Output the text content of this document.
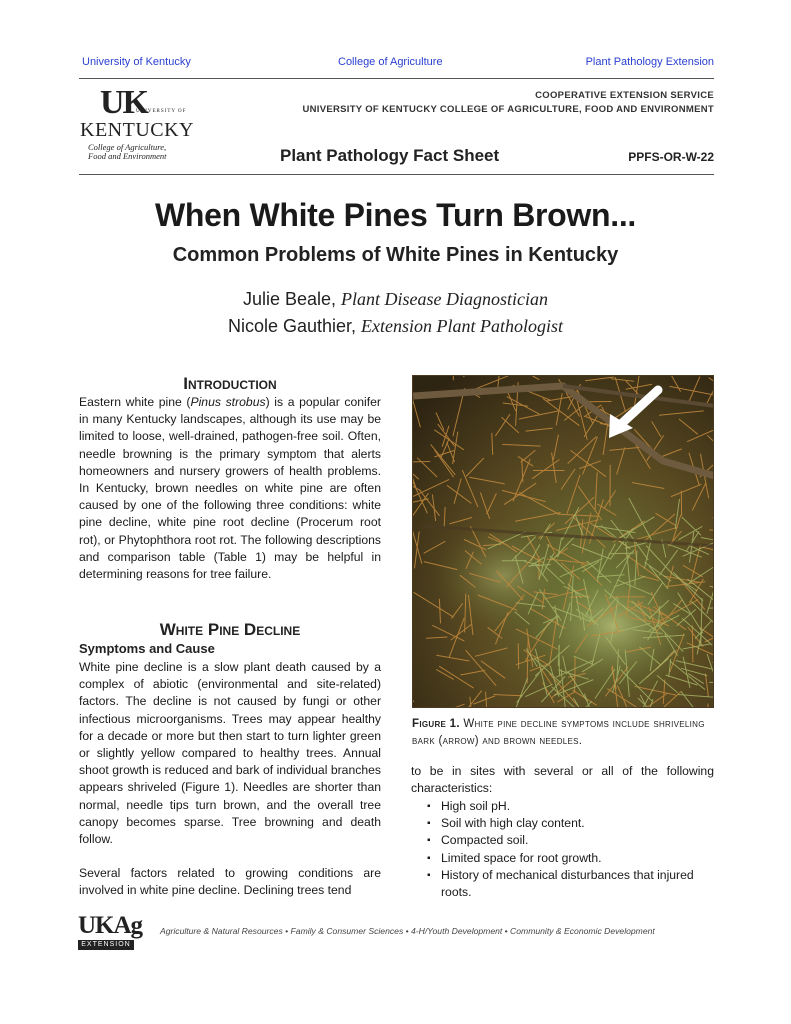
University of Kentucky	College of Agriculture	Plant Pathology Extension
UK
UNIVERSITY OF
KENTUCKY
College of Agriculture,
Food and Environment
COOPERATIVE EXTENSION SERVICE
UNIVERSITY OF KENTUCKY COLLEGE OF AGRICULTURE, FOOD AND ENVIRONMENT
Plant Pathology Fact Sheet	PPFS-OR-W-22
When White Pines Turn Brown...
Common Problems of White Pines in Kentucky
Julie Beale, Plant Disease Diagnostician
Nicole Gauthier, Extension Plant Pathologist
Introduction

Eastern white pine (Pinus strobus) is a popular conifer in many Kentucky landscapes, although its use may be limited to loose, well-drained, pathogen-free soil. Often, needle browning is the primary symptom that alerts homeowners and nursery growers of health problems. In Kentucky, brown needles on white pine are often caused by one of the following three conditions: white pine decline, white pine root decline (Procerum root rot), or Phytophthora root rot. The following descriptions and comparison table (Table 1) may be helpful in determining reasons for tree failure.

White Pine Decline
Symptoms and Cause

White pine decline is a slow plant death caused by a complex of abiotic (environmental and site-related) factors. The decline is not caused by fungi or other infectious microorganisms. Trees may appear healthy for a decade or more but then start to turn lighter green or slightly yellow compared to healthy trees. Annual shoot growth is reduced and bark of individual branches appears shriveled (Figure 1). Needles are shorter than normal, needle tips turn brown, and the overall tree canopy becomes sparse. Tree browning and death follow.

Several factors related to growing conditions are involved in white pine decline. Declining trees tend

Figure 1. White pine decline symptoms include shriveling bark (arrow) and brown needles.

to be in sites with several or all of the following characteristics:

▪ High soil pH.
▪ Soil with high clay content.
▪ Compacted soil.
▪ Limited space for root growth.
▪ History of mechanical disturbances that injured roots.
UKAg
EXTENSION
Agriculture & Natural Resources • Family & Consumer Sciences • 4-H/Youth Development • Community & Economic Development
